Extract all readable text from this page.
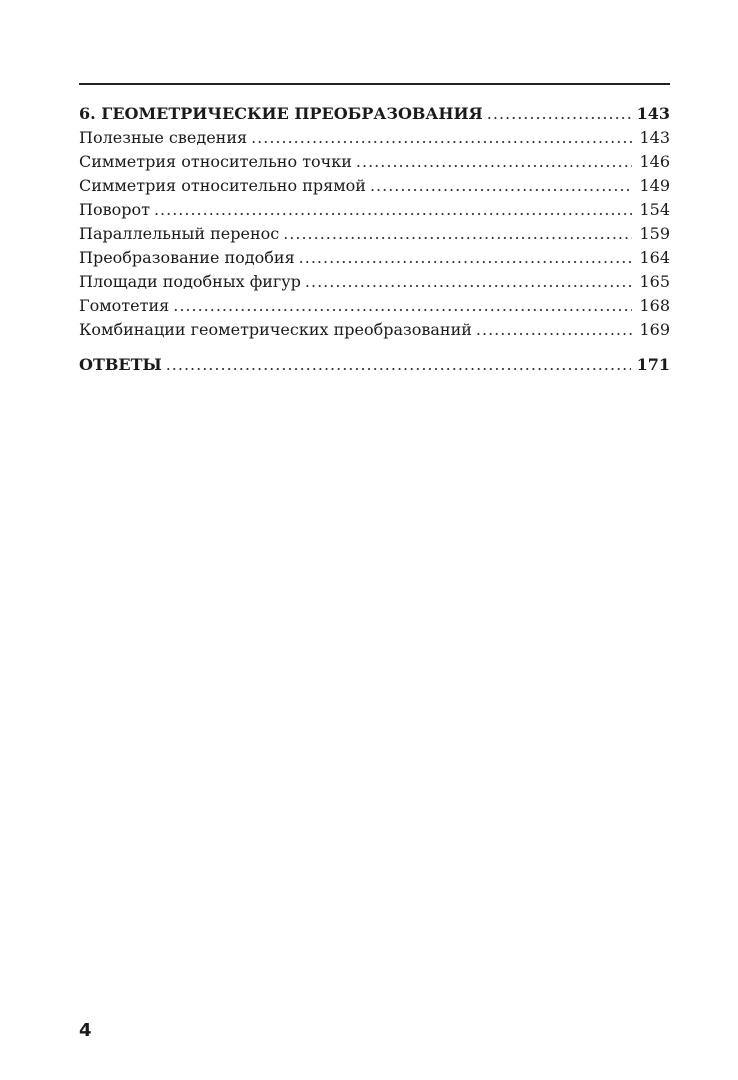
6. ГЕОМЕТРИЧЕСКИЕ ПРЕОБРАЗОВАНИЯ .....	143
Полезные сведения .....	143
Симметрия относительно точки .....	146
Симметрия относительно прямой .....	149
Поворот .....	154
Параллельный перенос .....	159
Преобразование подобия .....	164
Площади подобных фигур .....	165
Гомотетия .....	168
Комбинации геометрических преобразований .....	169
ОТВЕТЫ .....	171
4
